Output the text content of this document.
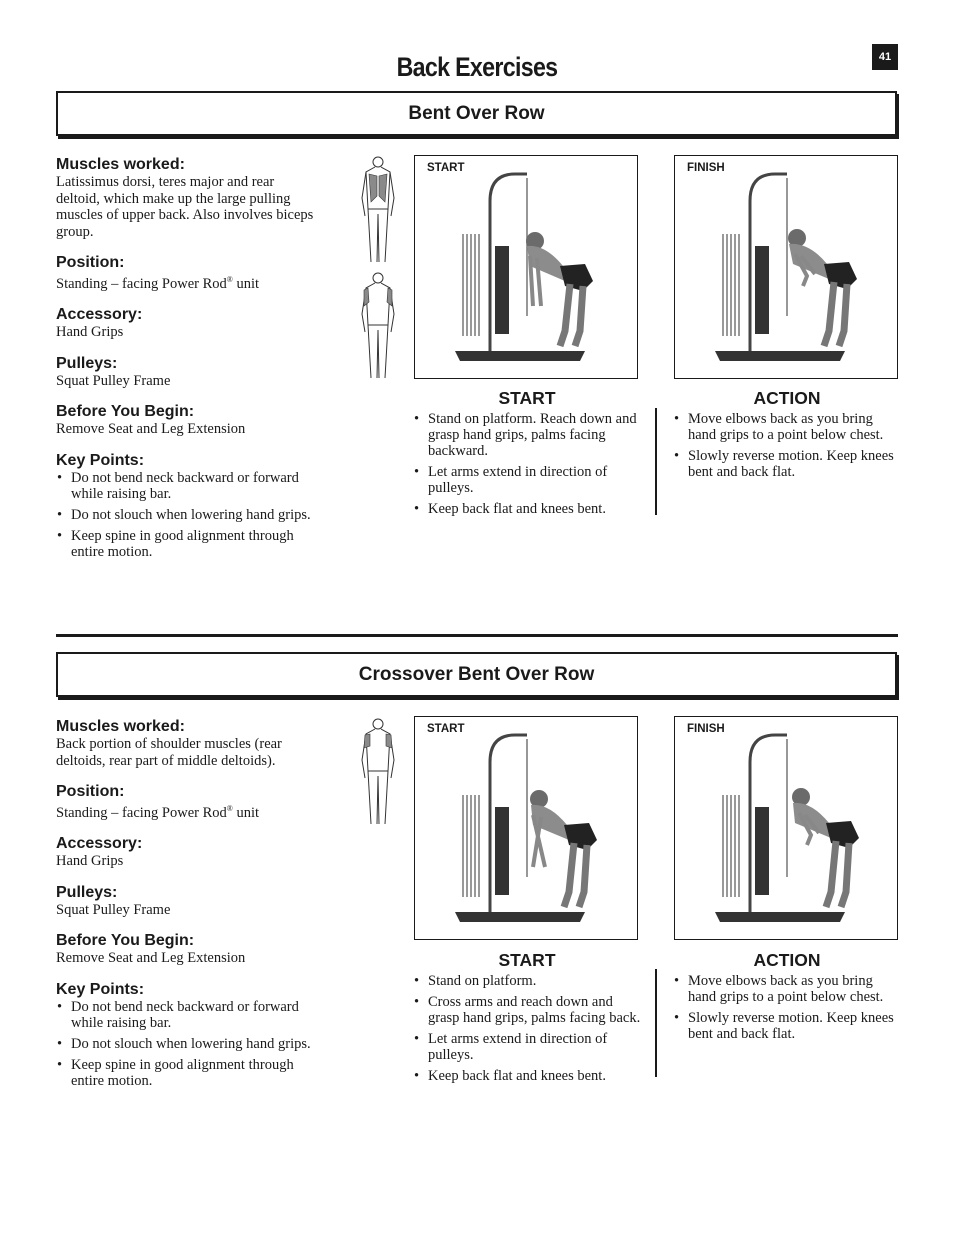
41
Back Exercises
Bent Over Row

Muscles worked:

Latissimus dorsi, teres major and rear deltoid, which make up the large pulling muscles of upper back. Also involves biceps group.

Position:

Standing – facing Power Rod® unit

Accessory:

Hand Grips

Pulleys:

Squat Pulley Frame

Before You Begin:

Remove Seat and Leg Extension

Key Points:

• Do not bend neck backward or forward while raising bar.
• Do not slouch when lowering hand grips.
• Keep spine in good alignment through entire motion.
START	FINISH
START
• Stand on platform. Reach down and grasp hand grips, palms facing backward.
• Let arms extend in direction of pulleys.
• Keep back flat and knees bent.
ACTION
• Move elbows back as you bring hand grips to a point below chest.
• Slowly reverse motion. Keep knees bent and back flat.
Crossover Bent Over Row

Muscles worked:

Back portion of shoulder muscles (rear deltoids, rear part of middle deltoids).

Position:

Standing – facing Power Rod® unit

Accessory:

Hand Grips

Pulleys:

Squat Pulley Frame

Before You Begin:

Remove Seat and Leg Extension

Key Points:

• Do not bend neck backward or forward while raising bar.
• Do not slouch when lowering hand grips.
• Keep spine in good alignment through entire motion.
START	FINISH
START
• Stand on platform.
• Cross arms and reach down and grasp hand grips, palms facing back.
• Let arms extend in direction of pulleys.
• Keep back flat and knees bent.
ACTION
• Move elbows back as you bring hand grips to a point below chest.
• Slowly reverse motion. Keep knees bent and back flat.
